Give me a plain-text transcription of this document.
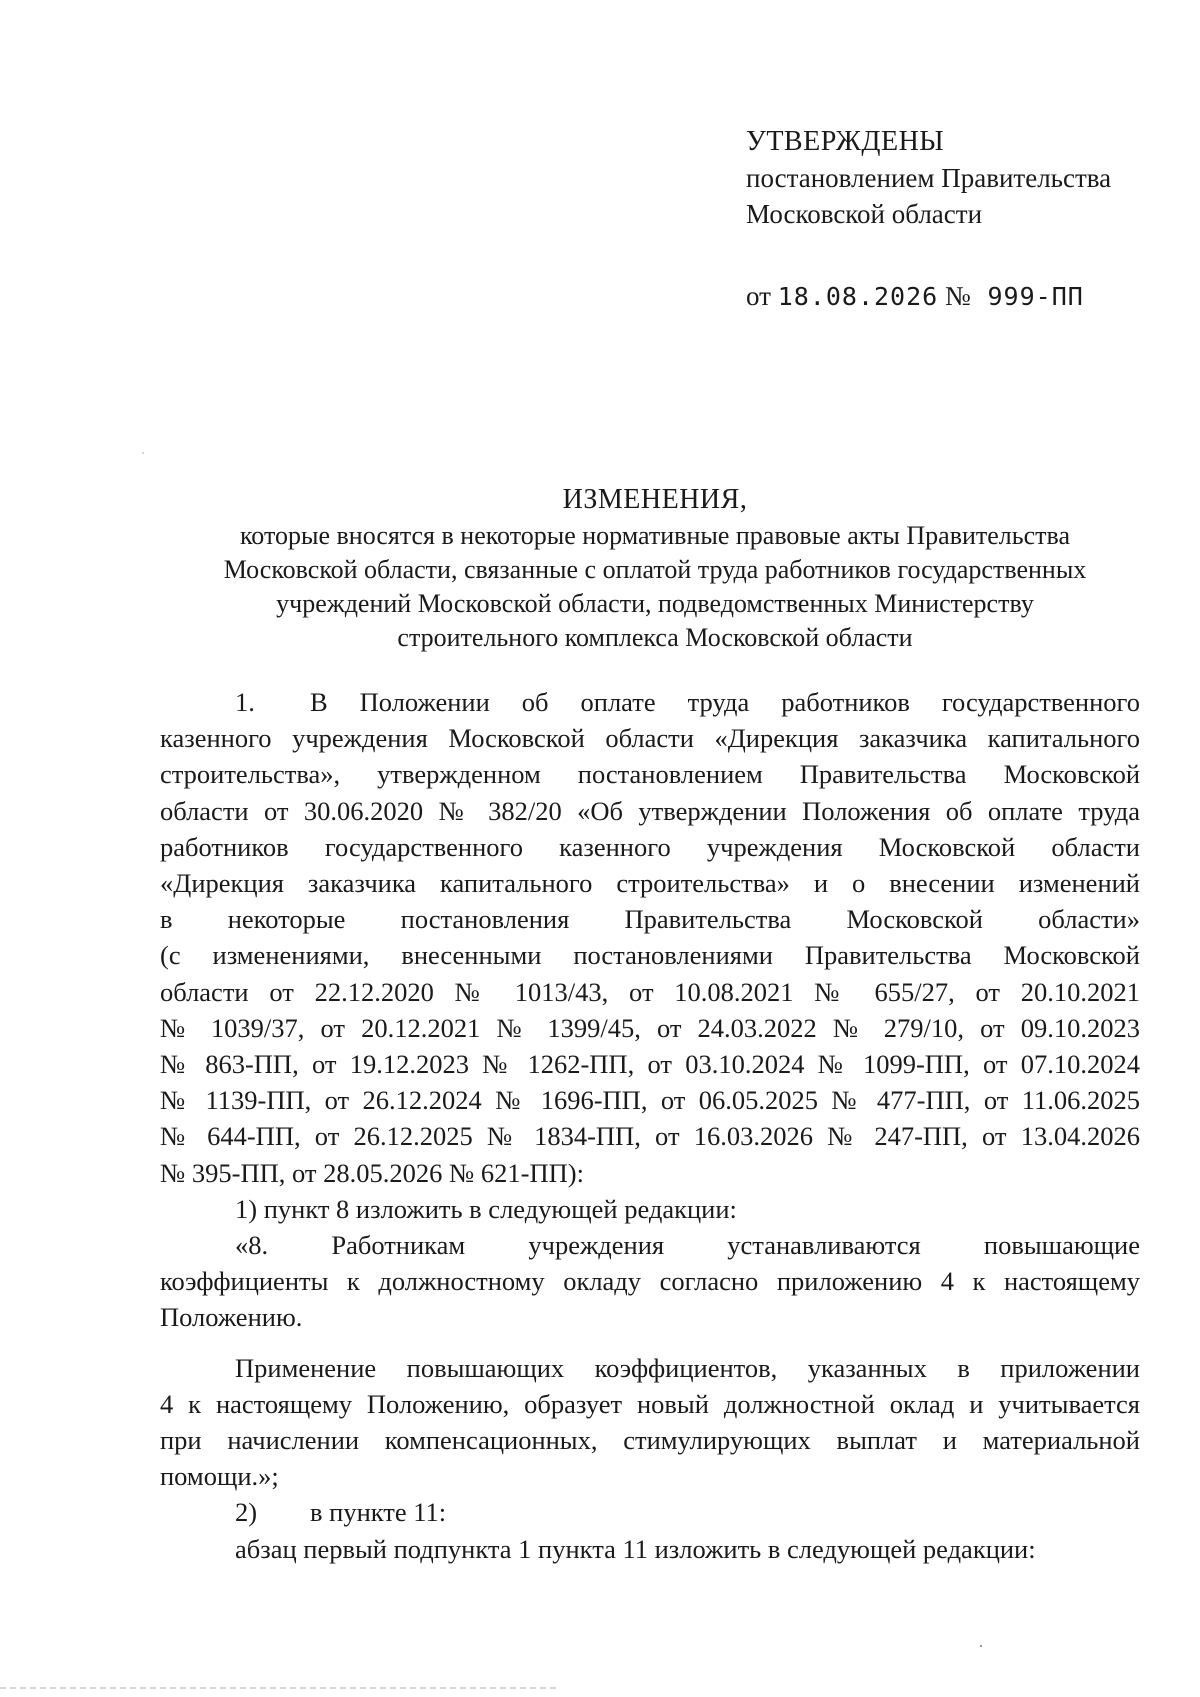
УТВЕРЖДЕНЫ
постановлением Правительства
Московской области
от 18.08.2026 № 999-ПП
ИЗМЕНЕНИЯ,
которые вносятся в некоторые нормативные правовые акты Правительства
Московской области, связанные с оплатой труда работников государственных
учреждений Московской области, подведомственных Министерству
строительного комплекса Московской области
1. В Положении об оплате труда работников государственного
казенного учреждения Московской области «Дирекция заказчика капитального
строительства», утвержденном постановлением Правительства Московской
области от 30.06.2020 № 382/20 «Об утверждении Положения об оплате труда
работников государственного казенного учреждения Московской области
«Дирекция заказчика капитального строительства» и о внесении изменений
в некоторые постановления Правительства Московской области»
(с изменениями, внесенными постановлениями Правительства Московской
области от 22.12.2020 № 1013/43, от 10.08.2021 № 655/27, от 20.10.2021
№ 1039/37, от 20.12.2021 № 1399/45, от 24.03.2022 № 279/10, от 09.10.2023
№ 863-ПП, от 19.12.2023 № 1262-ПП, от 03.10.2024 № 1099-ПП, от 07.10.2024
№ 1139-ПП, от 26.12.2024 № 1696-ПП, от 06.05.2025 № 477-ПП, от 11.06.2025
№ 644-ПП, от 26.12.2025 № 1834-ПП, от 16.03.2026 № 247-ПП, от 13.04.2026
№ 395-ПП, от 28.05.2026 № 621-ПП):
1) пункт 8 изложить в следующей редакции:
«8. Работникам учреждения устанавливаются повышающие
коэффициенты к должностному окладу согласно приложению 4 к настоящему
Положению.
Применение повышающих коэффициентов, указанных в приложении
4 к настоящему Положению, образует новый должностной оклад и учитывается
при начислении компенсационных, стимулирующих выплат и материальной
помощи.»;
2) в пункте 11:
абзац первый подпункта 1 пункта 11 изложить в следующей редакции:
